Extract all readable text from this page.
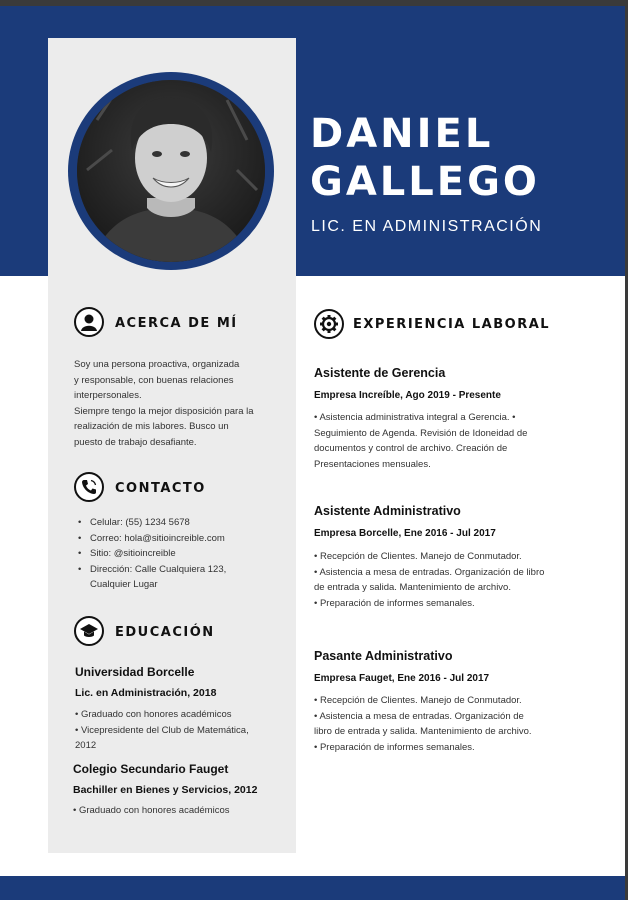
DANIEL
GALLEGO
LIC. EN ADMINISTRACIÓN
ACERCA DE MÍ
Soy una persona proactiva, organizada
y responsable, con buenas relaciones
interpersonales.
Siempre tengo la mejor disposición para la
realización de mis labores. Busco un
puesto de trabajo desafiante.
CONTACTO
• Celular: (55) 1234 5678
• Correo: hola@sitioincreible.com
• Sitio: @sitioincreible
• Dirección: Calle Cualquiera 123,
Cualquier Lugar
EDUCACIÓN
Universidad Borcelle
Lic. en Administración, 2018
• Graduado con honores académicos
• Vicepresidente del Club de Matemática,
2012
Colegio Secundario Fauget
Bachiller en Bienes y Servicios, 2012
• Graduado con honores académicos
EXPERIENCIA LABORAL
Asistente de Gerencia
Empresa Increíble, Ago 2019 - Presente
• Asistencia administrativa integral a Gerencia. •
Seguimiento de Agenda. Revisión de Idoneidad de
documentos y control de archivo. Creación de
Presentaciones mensuales.
Asistente Administrativo
Empresa Borcelle, Ene 2016 - Jul 2017
• Recepción de Clientes. Manejo de Conmutador.
• Asistencia a mesa de entradas. Organización de libro
de entrada y salida. Mantenimiento de archivo.
• Preparación de informes semanales.
Pasante Administrativo
Empresa Fauget, Ene 2016 - Jul 2017
• Recepción de Clientes. Manejo de Conmutador.
• Asistencia a mesa de entradas. Organización de
libro de entrada y salida. Mantenimiento de archivo.
• Preparación de informes semanales.
